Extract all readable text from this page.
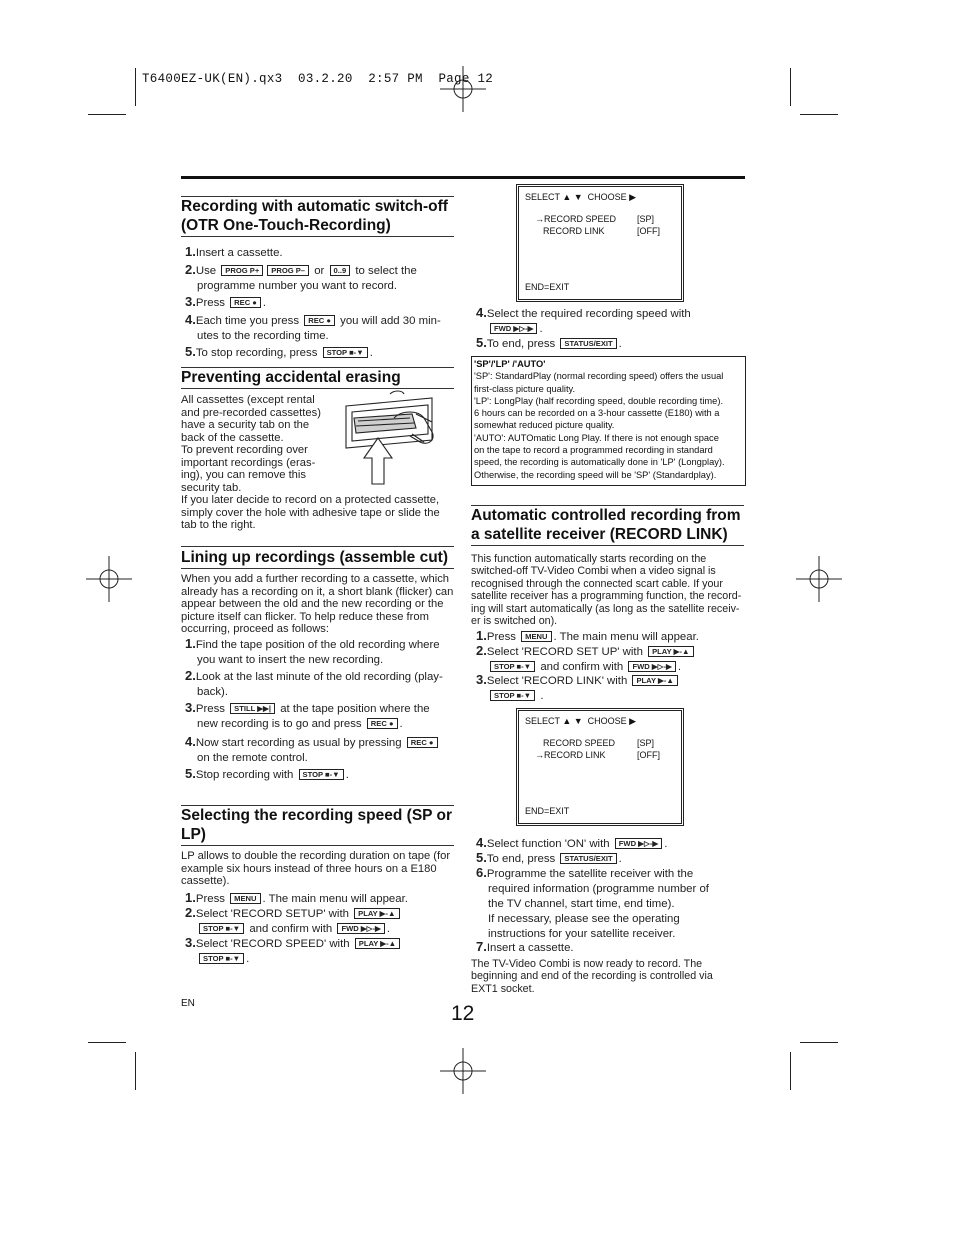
T6400EZ-UK(EN).qx3  03.2.20  2:57 PM  Page 12
Recording with automatic switch-off (OTR One-Touch-Recording)
1.Insert a cassette.
2.Use PROG P+ PROG P– or 0..9 to select the
programme number you want to record.
3.Press REC ● .
4.Each time you press REC ● you will add 30 min-
utes to the recording time.
5.To stop recording, press STOP ■-▼ .
Preventing accidental erasing
All cassettes (except rental and pre-recorded cassettes) have a security tab on the back of the cassette.
To prevent recording over important recordings (eras-ing), you can remove this security tab.
If you later decide to record on a protected cassette, simply cover the hole with adhesive tape or slide the tab to the right.
Lining up recordings (assemble cut)
When you add a further recording to a cassette, which already has a recording on it, a short blank (flicker) can appear between the old and the new recording or the picture itself can flicker. To help reduce these from occurring, proceed as follows:
1.Find the tape position of the old recording where
you want to insert the new recording.
2.Look at the last minute of the old recording (play-
back).
3.Press STILL ▶▶| at the tape position where the
new recording is to go and press REC ● .
4.Now start recording as usual by pressing REC ●
on the remote control.
5.Stop recording with STOP ■-▼ .
Selecting the recording speed (SP or LP)
LP allows to double the recording duration on tape (for example six hours instead of three hours on a E180 cassette).
1.Press MENU . The main menu will appear.
2.Select 'RECORD SETUP' with PLAY ▶-▲
STOP ■-▼ and confirm with FWD ▶▷-▶ .
3.Select 'RECORD SPEED' with PLAY ▶-▲
STOP ■-▼ .
EN	12
SELECT ▲ ▼  CHOOSE ▶
→RECORD SPEED [SP]
RECORD LINK	[OFF]
END=EXIT
4.Select the required recording speed with
FWD ▶▷-▶ .
5.To end, press STATUS/EXIT .
'SP'/'LP' /'AUTO'
'SP': StandardPlay (normal recording speed) offers the usual
first-class picture quality.
'LP': LongPlay (half recording speed, double recording time).
6 hours can be recorded on a 3-hour cassette (E180) with a
somewhat reduced picture quality.
'AUTO': AUTOmatic Long Play. If there is not enough space
on the tape to record a programmed recording in standard
speed, the recording is automatically done in 'LP' (Longplay).
Otherwise, the recording speed will be 'SP' (Standardplay).
Automatic controlled recording from a satellite receiver (RECORD LINK)
This function automatically starts recording on the switched-off TV-Video Combi when a video signal is recognised through the connected scart cable. If your satellite receiver has a programming function, the record-ing will start automatically (as long as the satellite receiv-er is switched on).
1.Press MENU . The main menu will appear.
2.Select 'RECORD SET UP' with PLAY ▶-▲
STOP ■-▼ and confirm with FWD ▶▷-▶ .
3.Select 'RECORD LINK' with PLAY ▶-▲
STOP ■-▼ .
SELECT ▲ ▼  CHOOSE ▶
RECORD SPEED [SP]
→RECORD LINK	[OFF]
END=EXIT
4.Select function 'ON' with FWD ▶▷-▶ .
5.To end, press STATUS/EXIT .
6.Programme the satellite receiver with the
required information (programme number of
the TV channel, start time, end time).
If necessary, please see the operating
instructions for your satellite receiver.
7.Insert a cassette.
The TV-Video Combi is now ready to record. The beginning and end of the recording is controlled via EXT1 socket.
